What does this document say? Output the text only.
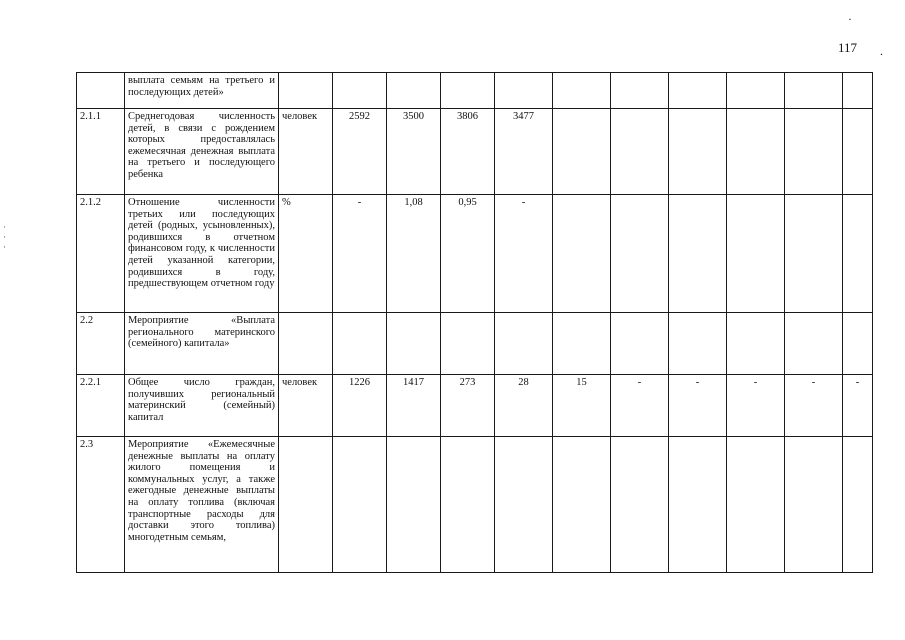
117
·
.
·
·
·
	выплата семьям на третьего и последующих детей»											
2.1.1	Среднегодовая численность детей, в связи с рождением которых предоставлялась ежемесячная денежная выплата на третьего и последующего ребенка	человек	2592	3500	3806	3477						
2.1.2	Отношение численности третьих или последующих детей (родных, усыновленных), родившихся в отчетном финансовом году, к численности детей указанной категории, родившихся в году, предшествующем отчетном году	%	-	1,08	0,95	-						
2.2	Мероприятие «Выплата регионального материнского (семейного) капитала»											
2.2.1	Общее число граждан, получивших региональный материнский (семейный) капитал	человек	1226	1417	273	28	15	-	-	-	-	-
2.3	Мероприятие «Ежемесячные денежные выплаты на оплату жилого помещения и коммунальных услуг, а также ежегодные денежные выплаты на оплату топлива (включая транспортные расходы для доставки этого топлива) многодетным семьям,											
